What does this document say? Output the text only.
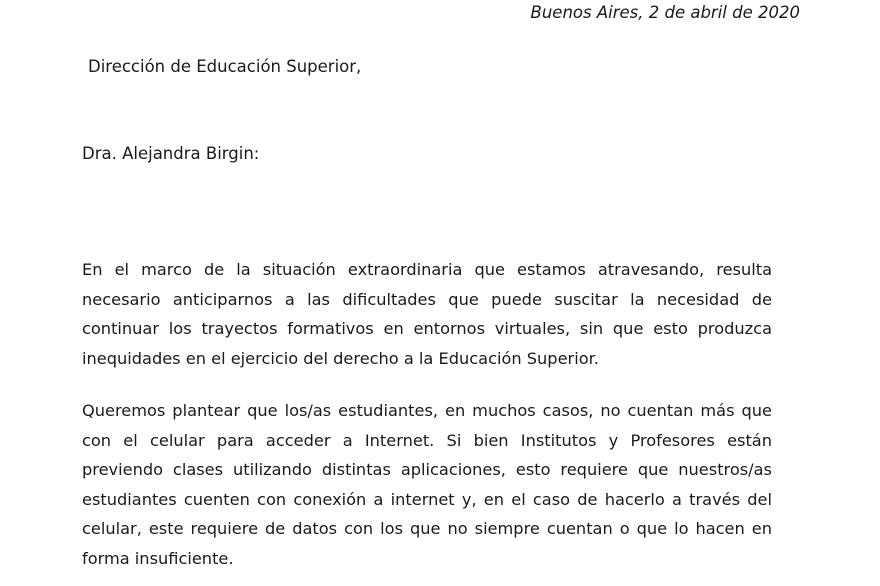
Buenos Aires, 2 de abril de 2020
Dirección de Educación Superior,
Dra. Alejandra Birgin:

En el marco de la situación extraordinaria que estamos atravesando, resulta necesario anticiparnos a las dificultades que puede suscitar la necesidad de continuar los trayectos formativos en entornos virtuales, sin que esto produzca inequidades en el ejercicio del derecho a la Educación Superior.

Queremos plantear que los/as estudiantes, en muchos casos, no cuentan más que con el celular para acceder a Internet. Si bien Institutos y Profesores están previendo clases utilizando distintas aplicaciones, esto requiere que nuestros/as estudiantes cuenten con conexión a internet y, en el caso de hacerlo a través del celular, este requiere de datos con los que no siempre cuentan o que lo hacen en forma insuficiente.
